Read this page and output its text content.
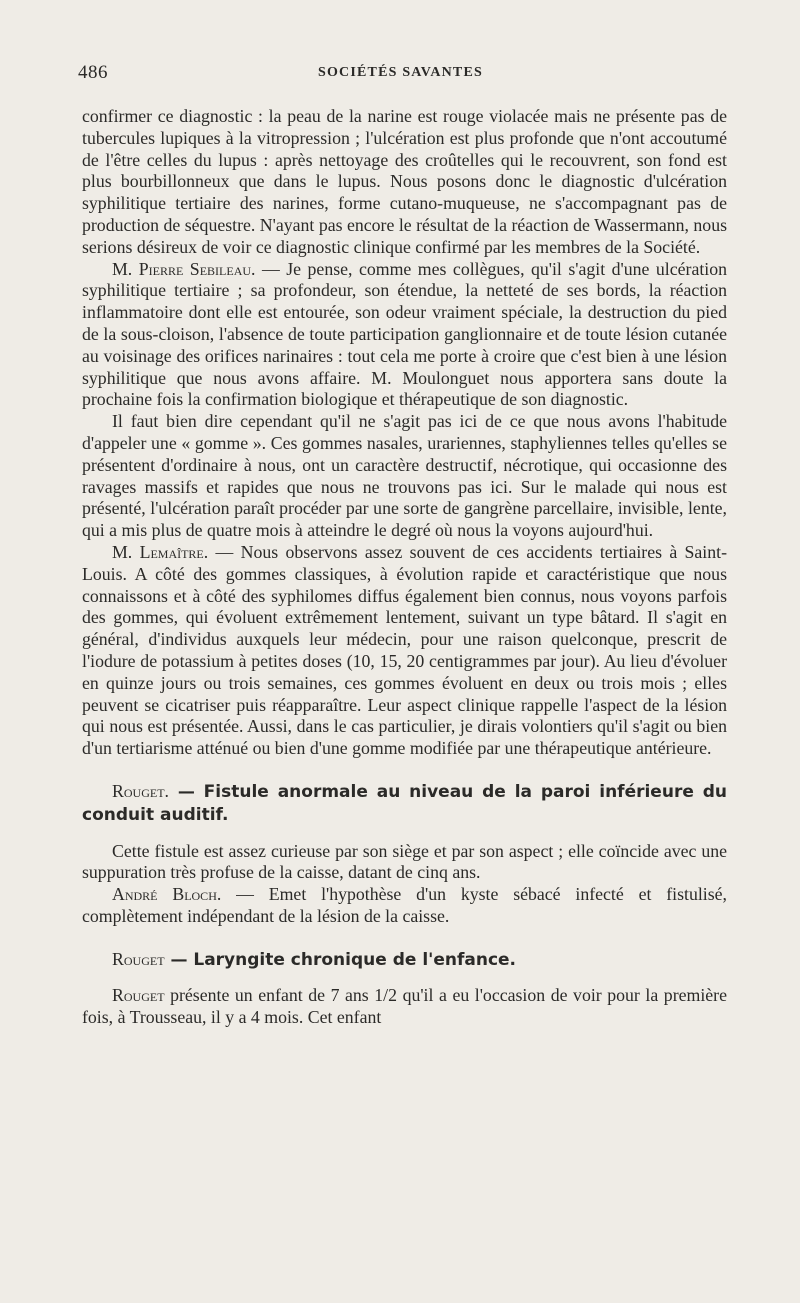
486	SOCIÉTÉS SAVANTES

confirmer ce diagnostic : la peau de la narine est rouge violacée mais ne présente pas de tubercules lupiques à la vitropression ; l'ulcération est plus profonde que n'ont accoutumé de l'être celles du lupus : après nettoyage des croûtelles qui le recouvrent, son fond est plus bourbillonneux que dans le lupus. Nous posons donc le diagnostic d'ulcération syphilitique tertiaire des narines, forme cutano-muqueuse, ne s'accompagnant pas de production de séquestre. N'ayant pas encore le résultat de la réaction de Wassermann, nous serions désireux de voir ce diagnostic clinique confirmé par les membres de la Société.

M. Pierre Sebileau. — Je pense, comme mes collègues, qu'il s'agit d'une ulcération syphilitique tertiaire ; sa profondeur, son étendue, la netteté de ses bords, la réaction inflammatoire dont elle est entourée, son odeur vraiment spéciale, la destruction du pied de la sous-cloison, l'absence de toute participation ganglionnaire et de toute lésion cutanée au voisinage des orifices narinaires : tout cela me porte à croire que c'est bien à une lésion syphilitique que nous avons affaire. M. Moulonguet nous apportera sans doute la prochaine fois la confirmation biologique et thérapeutique de son diagnostic.

Il faut bien dire cependant qu'il ne s'agit pas ici de ce que nous avons l'habitude d'appeler une « gomme ». Ces gommes nasales, urariennes, staphyliennes telles qu'elles se présentent d'ordinaire à nous, ont un caractère destructif, nécrotique, qui occasionne des ravages massifs et rapides que nous ne trouvons pas ici. Sur le malade qui nous est présenté, l'ulcération paraît procéder par une sorte de gangrène parcellaire, invisible, lente, qui a mis plus de quatre mois à atteindre le degré où nous la voyons aujourd'hui.

M. Lemaître. — Nous observons assez souvent de ces accidents tertiaires à Saint-Louis. A côté des gommes classiques, à évolution rapide et caractéristique que nous connaissons et à côté des syphilomes diffus également bien connus, nous voyons parfois des gommes, qui évoluent extrêmement lentement, suivant un type bâtard. Il s'agit en général, d'individus auxquels leur médecin, pour une raison quelconque, prescrit de l'iodure de potassium à petites doses (10, 15, 20 centigrammes par jour). Au lieu d'évoluer en quinze jours ou trois semaines, ces gommes évoluent en deux ou trois mois ; elles peuvent se cicatriser puis réapparaître. Leur aspect clinique rappelle l'aspect de la lésion qui nous est présentée. Aussi, dans le cas particulier, je dirais volontiers qu'il s'agit ou bien d'un tertiarisme atténué ou bien d'une gomme modifiée par une thérapeutique antérieure.

Rouget. — Fistule anormale au niveau de la paroi inférieure du conduit auditif.

Cette fistule est assez curieuse par son siège et par son aspect ; elle coïncide avec une suppuration très profuse de la caisse, datant de cinq ans.

André Bloch. — Emet l'hypothèse d'un kyste sébacé infecté et fistulisé, complètement indépendant de la lésion de la caisse.

Rouget — Laryngite chronique de l'enfance.

Rouget présente un enfant de 7 ans 1/2 qu'il a eu l'occasion de voir pour la première fois, à Trousseau, il y a 4 mois. Cet enfant
